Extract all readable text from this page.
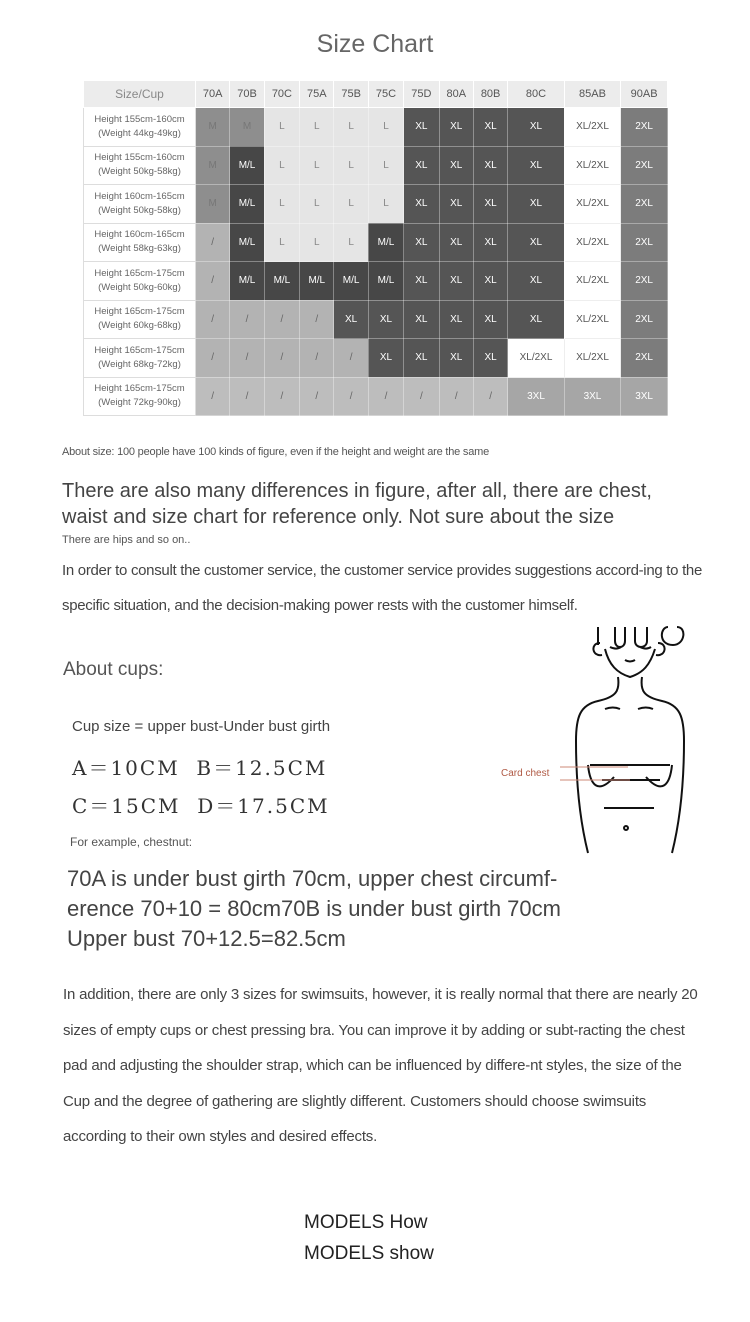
Size Chart
Size/Cup	70A	70B	70C	75A	75B	75C	75D	80A	80B	80C	85AB	90AB

Height 155cm-160cm
(Weight 44kg-49kg)	M	M	L	L	L	L	XL	XL	XL	XL	XL/2XL	2XL

Height 155cm-160cm
(Weight 50kg-58kg)	M	M/L	L	L	L	L	XL	XL	XL	XL	XL/2XL	2XL

Height 160cm-165cm
(Weight 50kg-58kg)	M	M/L	L	L	L	L	XL	XL	XL	XL	XL/2XL	2XL

Height 160cm-165cm
(Weight 58kg-63kg)	/	M/L	L	L	L	M/L	XL	XL	XL	XL	XL/2XL	2XL

Height 165cm-175cm
(Weight 50kg-60kg)	/	M/L	M/L	M/L	M/L	M/L	XL	XL	XL	XL	XL/2XL	2XL

Height 165cm-175cm
(Weight 60kg-68kg)	/	/	/	/	XL	XL	XL	XL	XL	XL	XL/2XL	2XL

Height 165cm-175cm
(Weight 68kg-72kg)	/	/	/	/	/	XL	XL	XL	XL	XL/2XL	XL/2XL	2XL

Height 165cm-175cm
(Weight 72kg-90kg)	/	/	/	/	/	/	/	/	/	3XL	3XL	3XL
About size: 100 people have 100 kinds of figure, even if the height and weight are the same
There are also many differences in figure, after all, there are chest, waist and size chart for reference only. Not sure about the size
There are hips and so on..
In order to consult the customer service, the customer service provides suggestions accord-ing to the specific situation, and the decision-making power rests with the customer himself.
About cups:
Cup size = upper bust-Under bust girth
A＝10CM  B＝12.5CM
C＝15CM  D＝17.5CM
For example, chestnut:
70A is under bust girth 70cm, upper chest circumf-
erence 70+10 = 80cm70B is under bust girth 70cm
Upper bust 70+12.5=82.5cm
Card chest
In addition, there are only 3 sizes for swimsuits, however, it is really normal that there are nearly 20 sizes of empty cups or chest pressing bra. You can improve it by adding or subt-racting the chest pad and adjusting the shoulder strap, which can be influenced by differe-nt styles, the size of the Cup and the degree of gathering are slightly different. Customers should choose swimsuits according to their own styles and desired effects.
MODELS How
MODELS show
